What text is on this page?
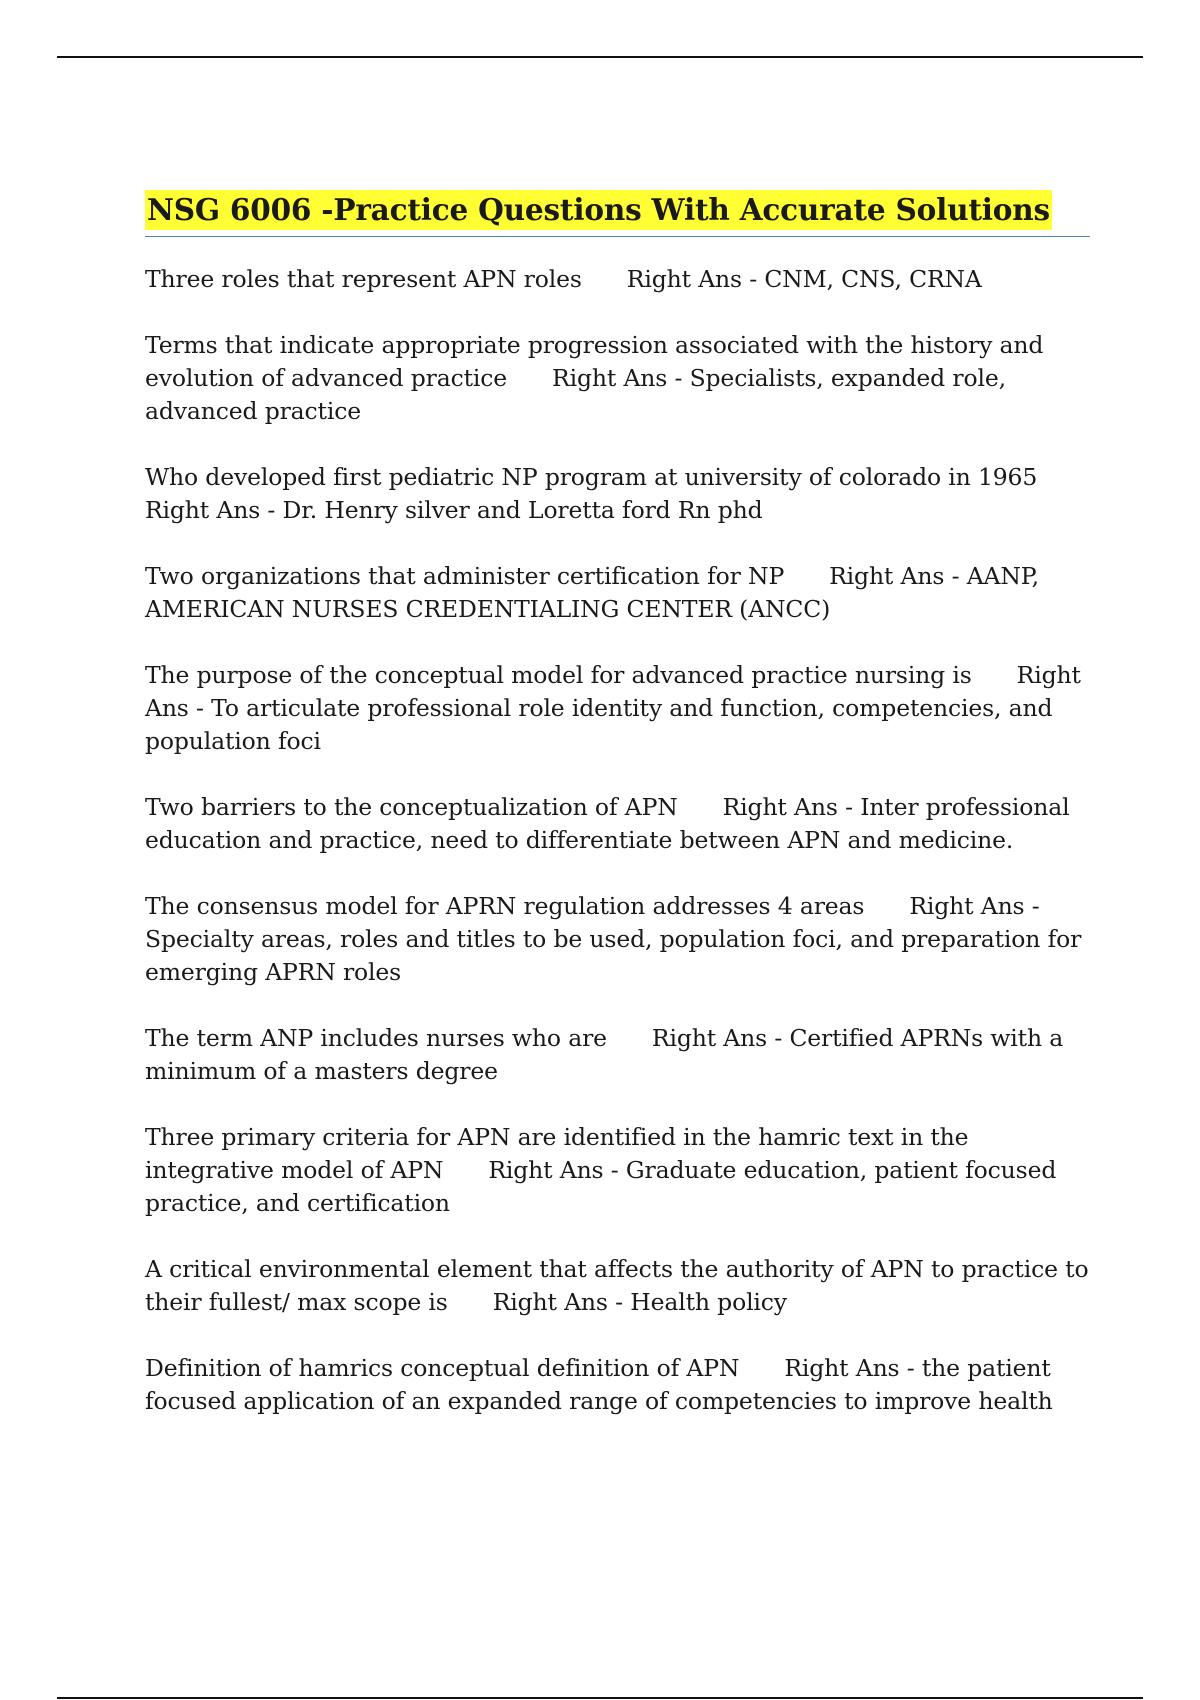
NSG 6006 -Practice Questions With Accurate Solutions

Three roles that represent APN roles Right Ans - CNM, CNS, CRNA

Terms that indicate appropriate progression associated with the history and evolution of advanced practice Right Ans - Specialists, expanded role, advanced practice

Who developed first pediatric NP program at university of colorado in 1965Right Ans - Dr. Henry silver and Loretta ford Rn phd

Two organizations that administer certification for NP Right Ans - AANP, AMERICAN NURSES CREDENTIALING CENTER (ANCC)

The purpose of the conceptual model for advanced practice nursing is Right Ans - To articulate professional role identity and function, competencies, and population foci

Two barriers to the conceptualization of APN Right Ans - Inter professional education and practice, need to differentiate between APN and medicine.

The consensus model for APRN regulation addresses 4 areas Right Ans - Specialty areas, roles and titles to be used, population foci, and preparation for emerging APRN roles

The term ANP includes nurses who are Right Ans - Certified APRNs with a minimum of a masters degree

Three primary criteria for APN are identified in the hamric text in the integrative model of APN Right Ans - Graduate education, patient focused practice, and certification

A critical environmental element that affects the authority of APN to practice to their fullest/ max scope is Right Ans - Health policy

Definition of hamrics conceptual definition of APN Right Ans - the patient focused application of an expanded range of competencies to improve health
